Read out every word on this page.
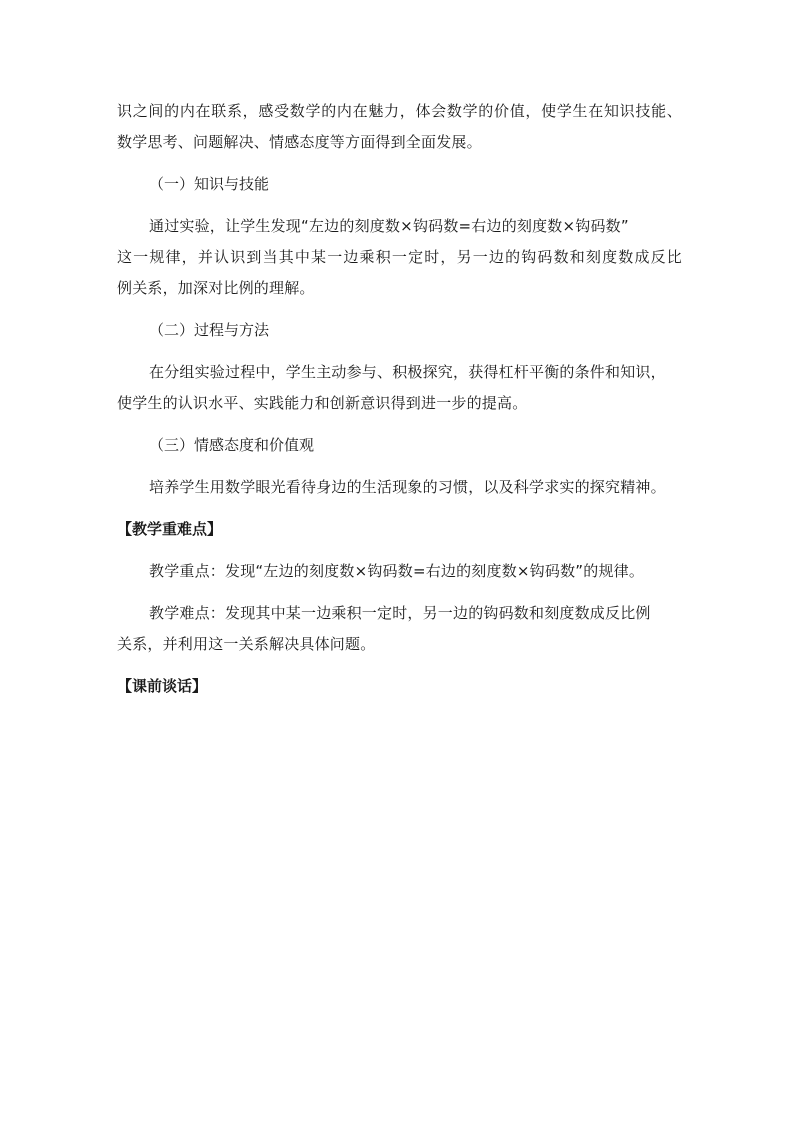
识之间的内在联系，感受数学的内在魅力，体会数学的价值，使学生在知识技能、
数学思考、问题解决、情感态度等方面得到全面发展。
（一）知识与技能
通过实验，让学生发现“左边的刻度数×钩码数=右边的刻度数×钩码数”
这一规律，并认识到当其中某一边乘积一定时，另一边的钩码数和刻度数成反比
例关系，加深对比例的理解。
（二）过程与方法
在分组实验过程中，学生主动参与、积极探究，获得杠杆平衡的条件和知识，
使学生的认识水平、实践能力和创新意识得到进一步的提高。
（三）情感态度和价值观
培养学生用数学眼光看待身边的生活现象的习惯，以及科学求实的探究精神。
【教学重难点】
教学重点：发现“左边的刻度数×钩码数=右边的刻度数×钩码数”的规律。
教学难点：发现其中某一边乘积一定时，另一边的钩码数和刻度数成反比例
关系，并利用这一关系解决具体问题。
【课前谈话】
